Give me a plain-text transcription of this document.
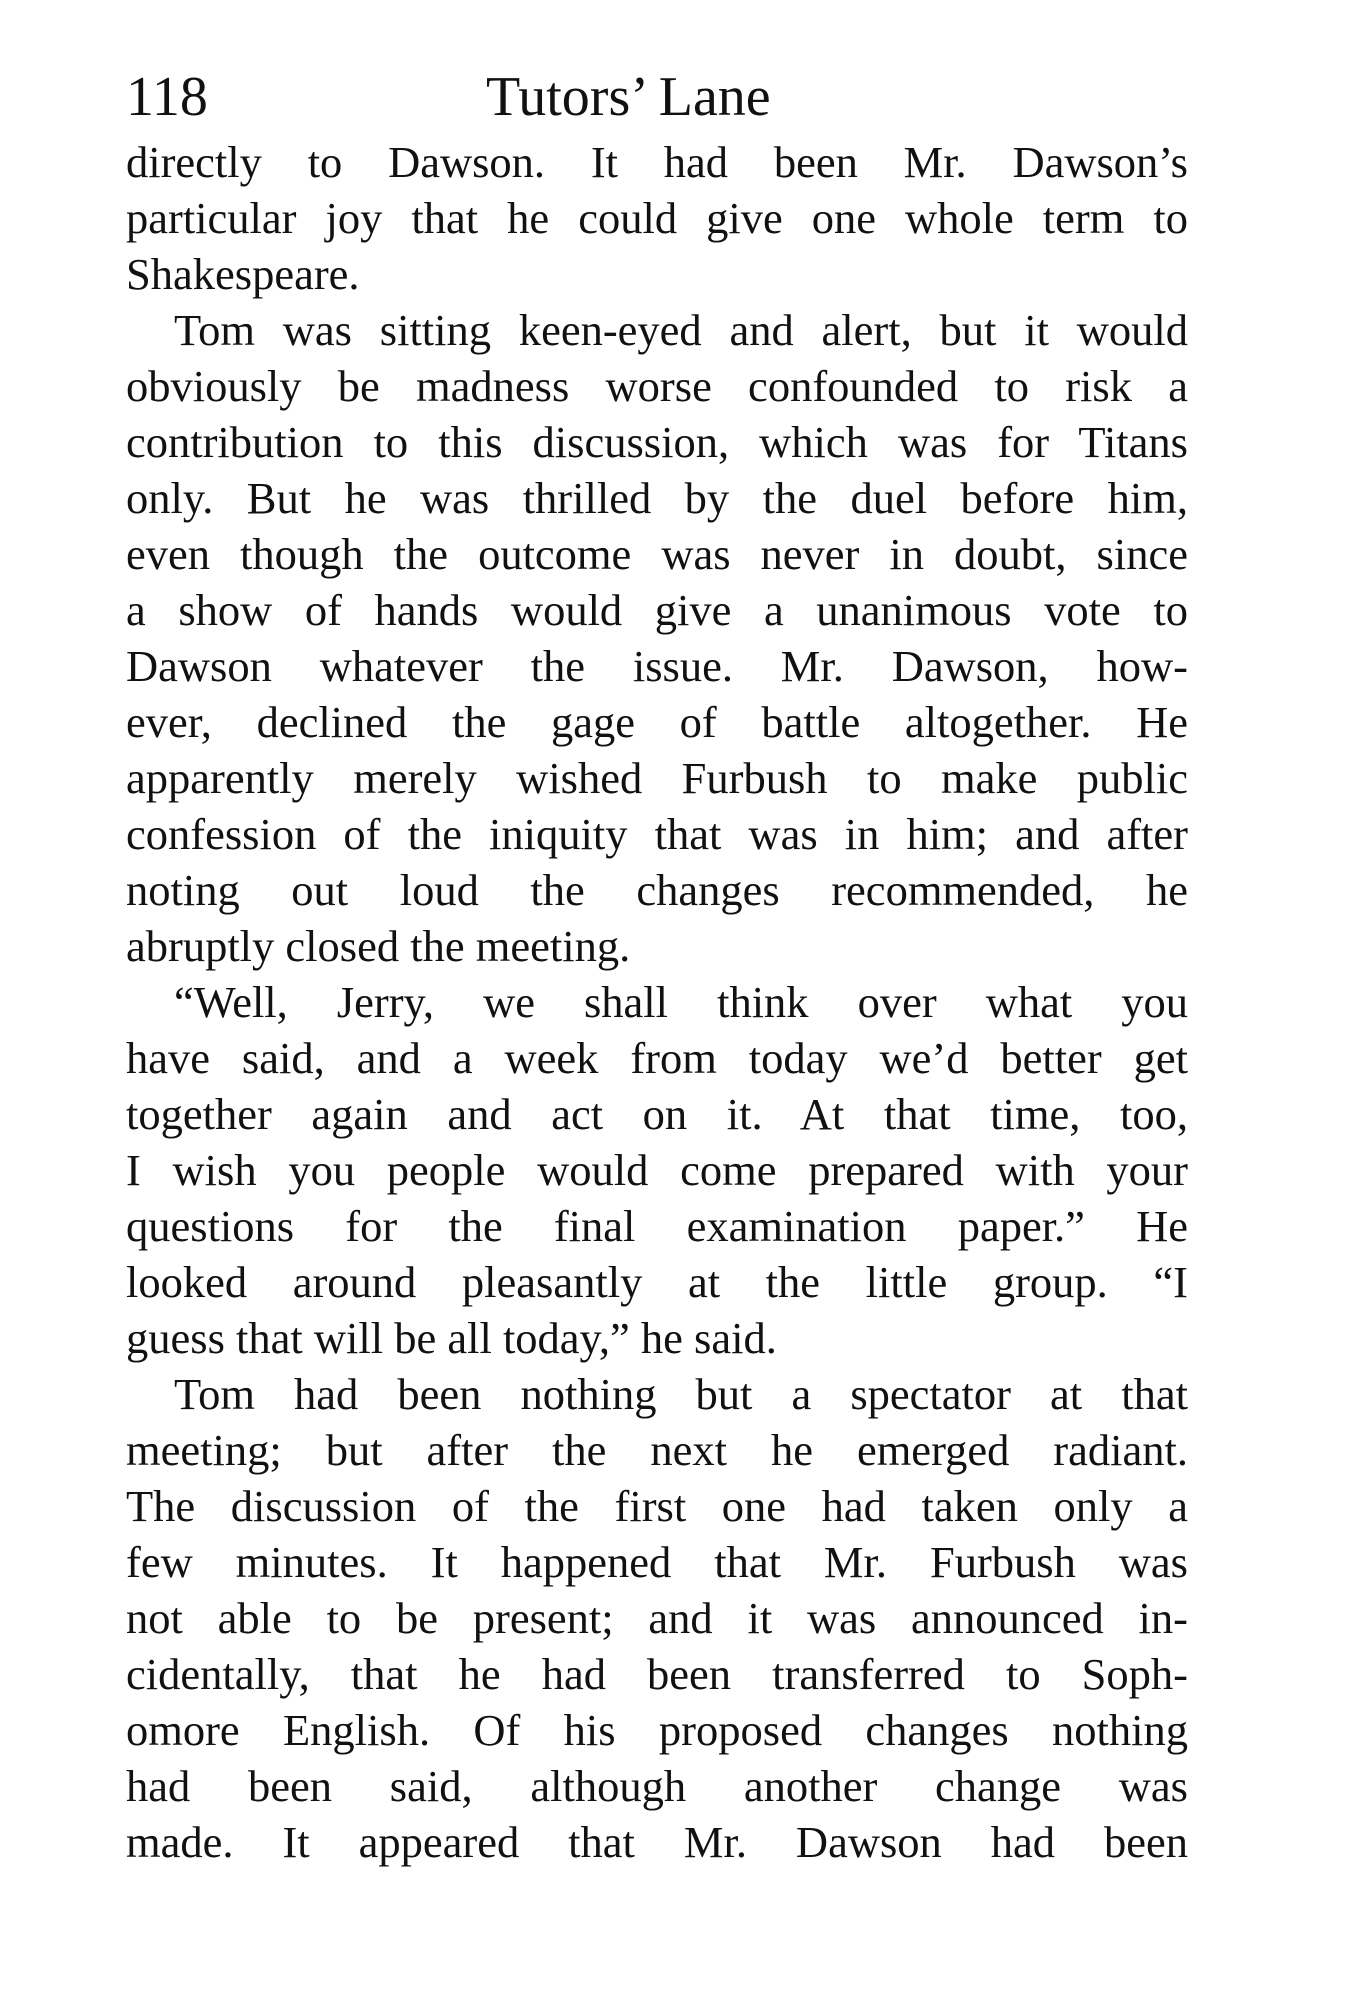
118	Tutors’ Lane
directly to Dawson. It had been Mr. Dawson’s
particular joy that he could give one whole term to
Shakespeare.
Tom was sitting keen-eyed and alert, but it would
obviously be madness worse confounded to risk a
contribution to this discussion, which was for Titans
only. But he was thrilled by the duel before him,
even though the outcome was never in doubt, since
a show of hands would give a unanimous vote to
Dawson whatever the issue. Mr. Dawson, how-
ever, declined the gage of battle altogether. He
apparently merely wished Furbush to make public
confession of the iniquity that was in him; and after
noting out loud the changes recommended, he
abruptly closed the meeting.
“Well, Jerry, we shall think over what you
have said, and a week from today we’d better get
together again and act on it. At that time, too,
I wish you people would come prepared with your
questions for the final examination paper.” He
looked around pleasantly at the little group. “I
guess that will be all today,” he said.
Tom had been nothing but a spectator at that
meeting; but after the next he emerged radiant.
The discussion of the first one had taken only a
few minutes. It happened that Mr. Furbush was
not able to be present; and it was announced in-
cidentally, that he had been transferred to Soph-
omore English. Of his proposed changes nothing
had been said, although another change was
made. It appeared that Mr. Dawson had been
